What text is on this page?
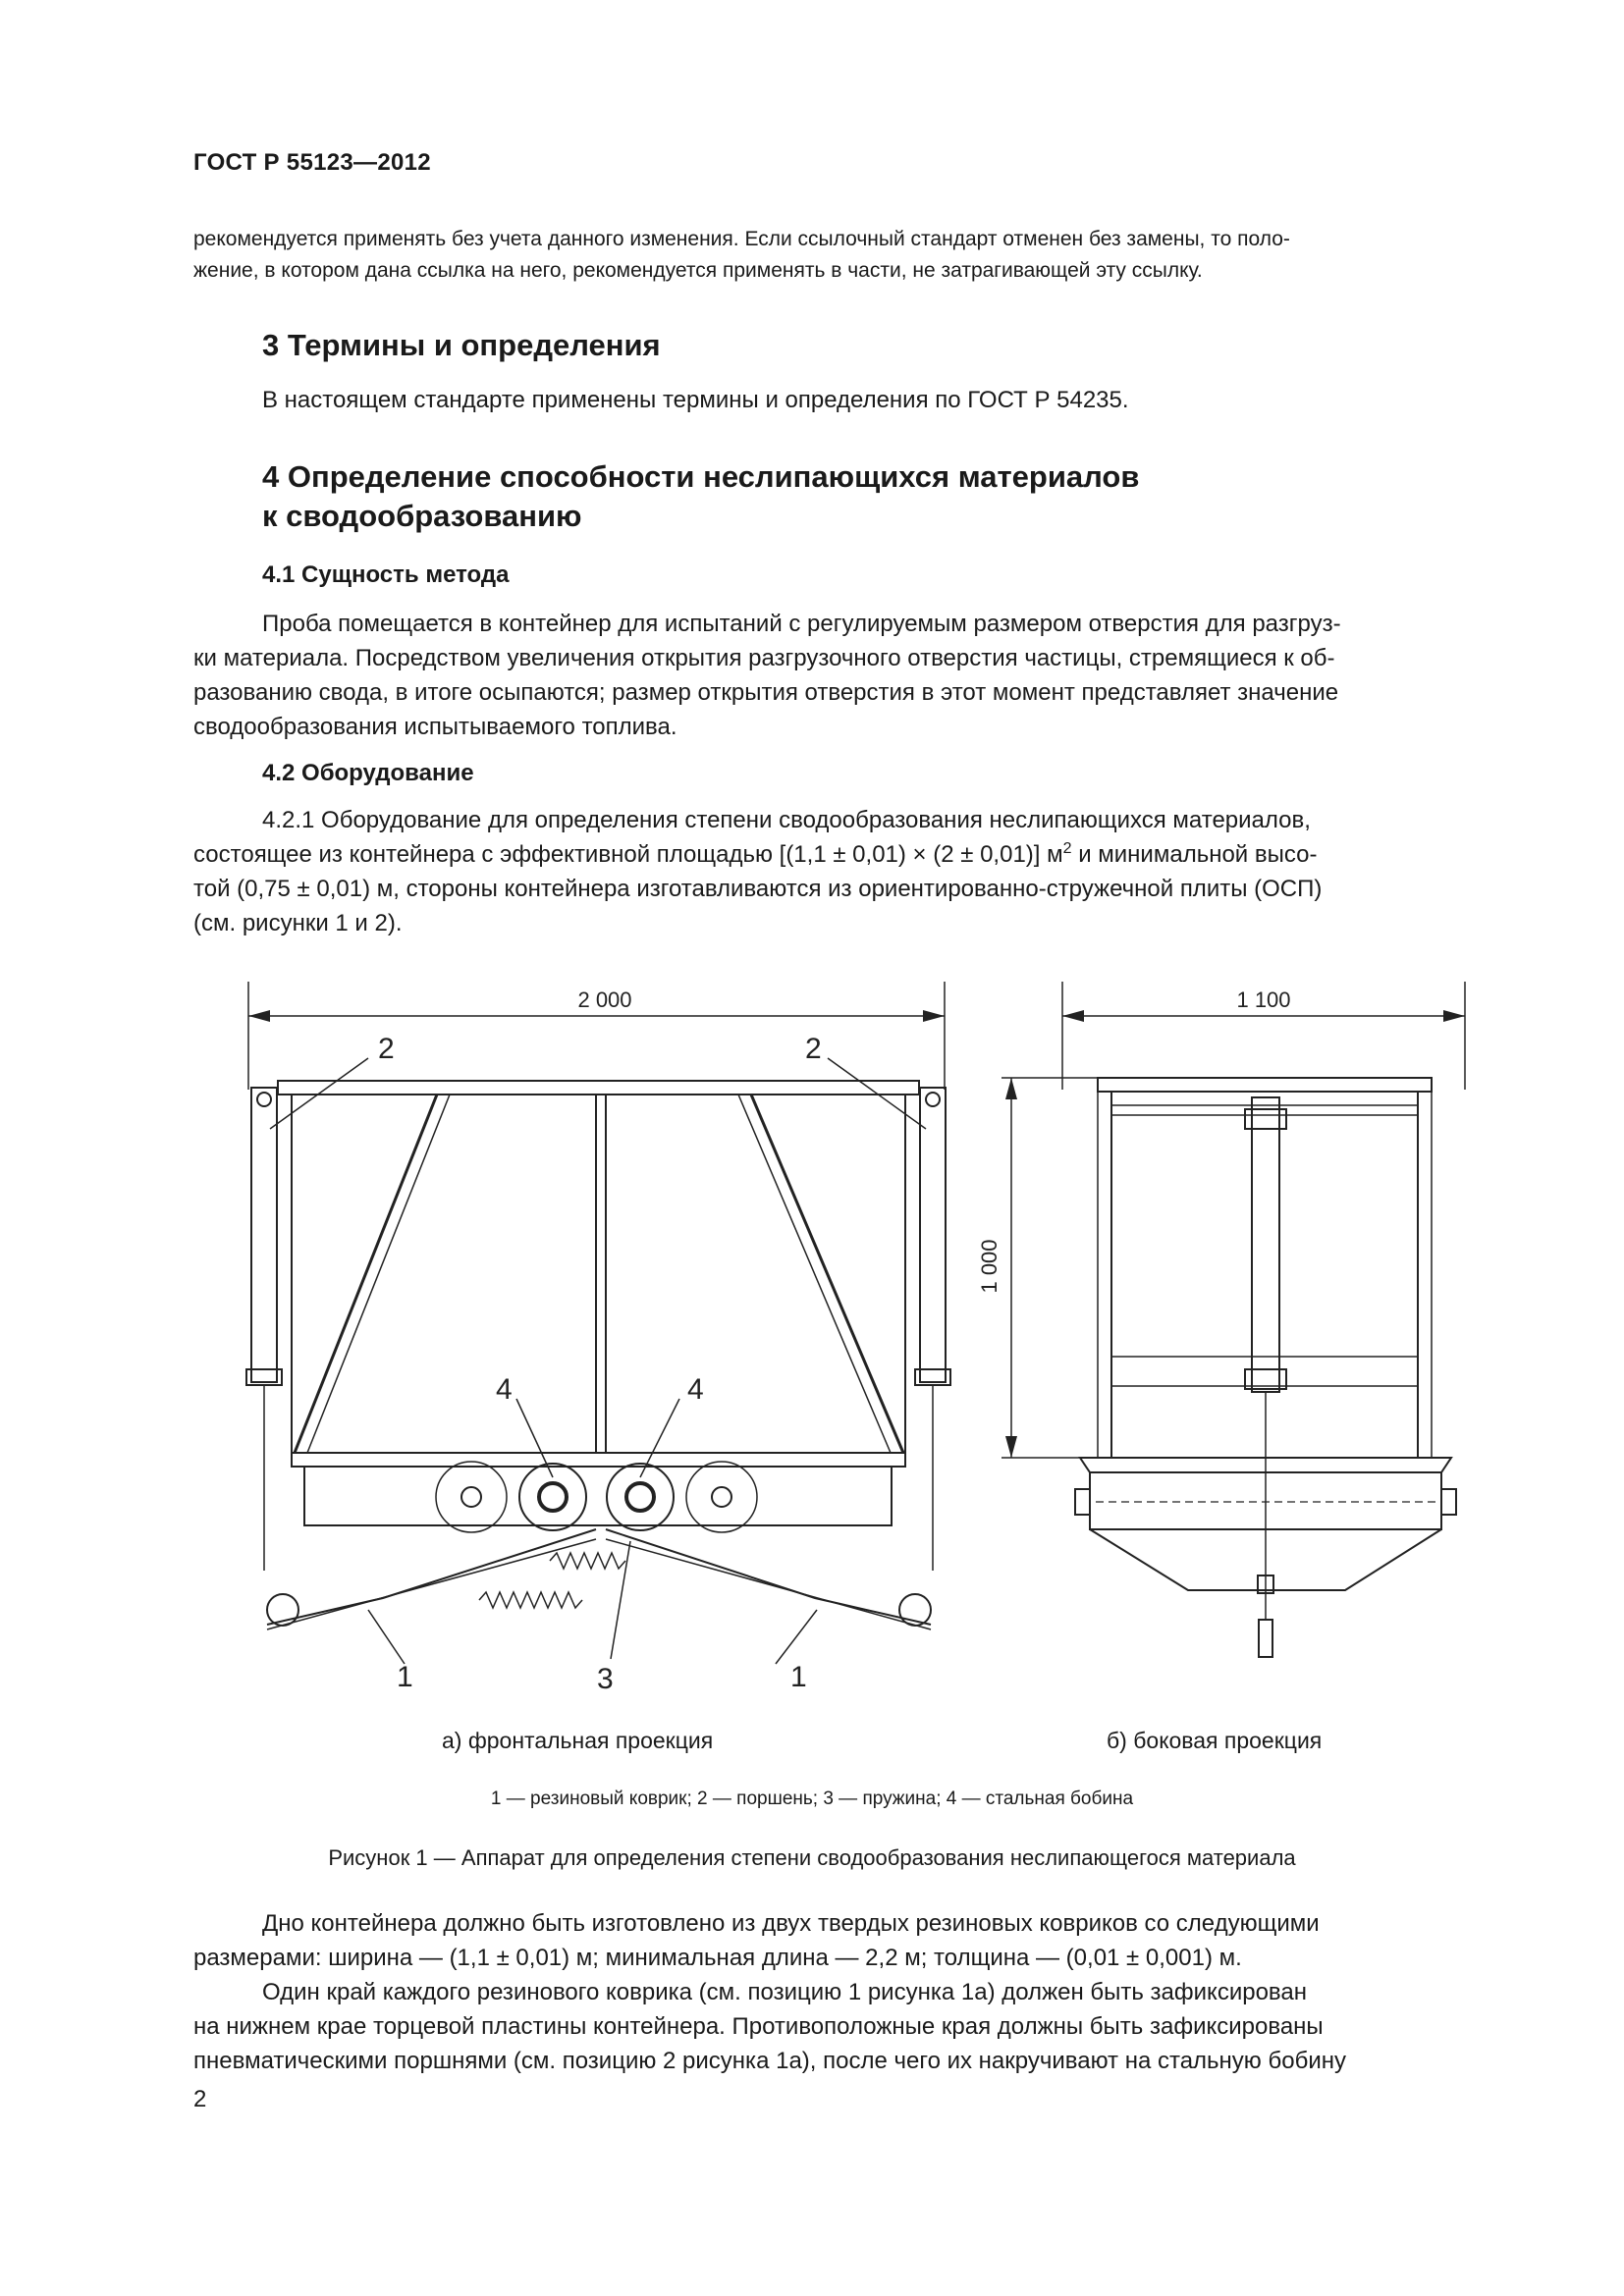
ГОСТ Р 55123—2012

рекомендуется применять без учета данного изменения. Если ссылочный стандарт отменен без замены, то поло-

жение, в котором дана ссылка на него, рекомендуется применять в части, не затрагивающей эту ссылку.

3 Термины и определения

В настоящем стандарте применены термины и определения по ГОСТ Р 54235.

4 Определение способности неслипающихся материалов
к сводообразованию
4.1 Сущность метода

Проба помещается в контейнер для испытаний с регулируемым размером отверстия для разгруз-

ки материала. Посредством увеличения открытия разгрузочного отверстия частицы, стремящиеся к об-

разованию свода, в итоге осыпаются; размер открытия отверстия в этот момент представляет значение

сводообразования испытываемого топлива.

4.2 Оборудование

4.2.1 Оборудование для определения степени сводообразования неслипающихся материалов,

состоящее из контейнера с эффективной площадью [(1,1 ± 0,01) × (2 ± 0,01)] $м^2$ и минимальной высо-

той (0,75 ± 0,01) м, стороны контейнера изготавливаются из ориентированно-стружечной плиты (ОСП)

(см. рисунки 1 и 2).

2 000
2	2
4	4
1	1
3
1 100
1 000
а) фронтальная проекция	б) боковая проекция
1 — резиновый коврик; 2 — поршень; 3 — пружина; 4 — стальная бобина
Рисунок 1 — Аппарат для определения степени сводообразования неслипающегося материала

Дно контейнера должно быть изготовлено из двух твердых резиновых ковриков со следующими

размерами: ширина — (1,1 ± 0,01) м; минимальная длина — 2,2 м; толщина — (0,01 ± 0,001) м.

Один край каждого резинового коврика (см. позицию 1 рисунка 1а) должен быть зафиксирован

на нижнем крае торцевой пластины контейнера. Противоположные края должны быть зафиксированы

пневматическими поршнями (см. позицию 2 рисунка 1а), после чего их накручивают на стальную бобину

2
